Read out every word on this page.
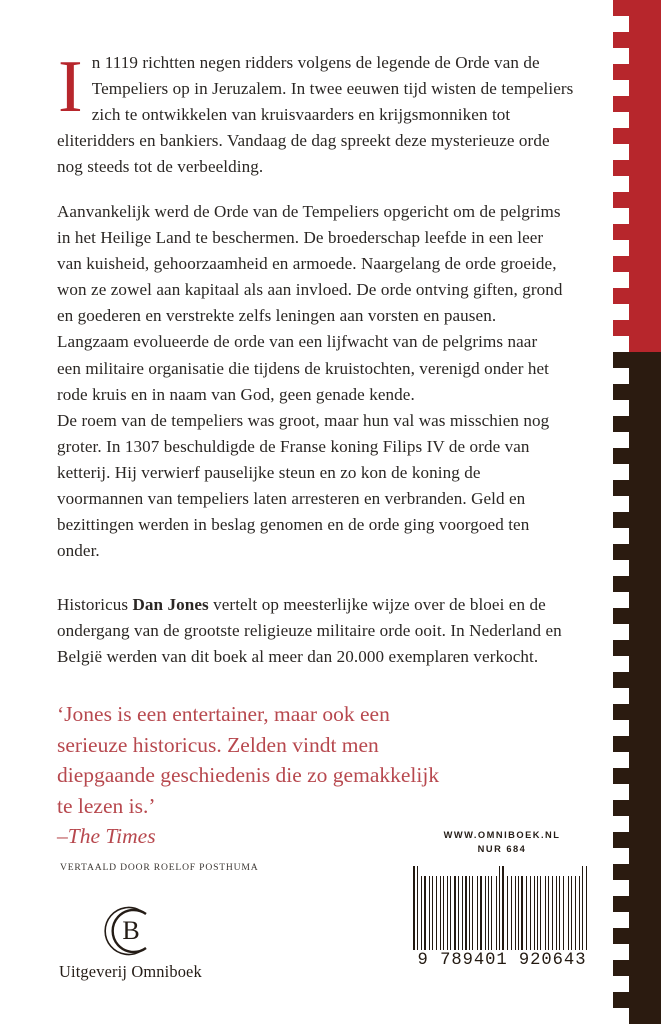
In 1119 richtten negen ridders volgens de legende de Orde van de Tempeliers op in Jeruzalem. In twee eeuwen tijd wisten de tempeliers zich te ontwikkelen van kruisvaarders en krijgsmonniken tot eliteridders en bankiers. Vandaag de dag spreekt deze mysterieuze orde nog steeds tot de verbeelding.

Aanvankelijk werd de Orde van de Tempeliers opgericht om de pelgrims in het Heilige Land te beschermen. De broederschap leefde in een leer van kuisheid, gehoorzaamheid en armoede. Naargelang de orde groeide, won ze zowel aan kapitaal als aan invloed. De orde ontving giften, grond en goederen en verstrekte zelfs leningen aan vorsten en pausen. Langzaam evolueerde de orde van een lijfwacht van de pelgrims naar een militaire organisatie die tijdens de kruistochten, verenigd onder het rode kruis en in naam van God, geen genade kende.

De roem van de tempeliers was groot, maar hun val was misschien nog groter. In 1307 beschuldigde de Franse koning Filips IV de orde van ketterij. Hij verwierf pauselijke steun en zo kon de koning de voormannen van tempeliers laten arresteren en verbranden. Geld en bezittingen werden in beslag genomen en de orde ging voorgoed ten onder.

Historicus Dan Jones vertelt op meesterlijke wijze over de bloei en de ondergang van de grootste religieuze militaire orde ooit. In Nederland en België werden van dit boek al meer dan 20.000 exemplaren verkocht.

‘Jones is een entertainer, maar ook een serieuze historicus. Zelden vindt men diepgaande geschiedenis die zo gemakkelijk te lezen is.’
–The Times
VERTAALD DOOR ROELOF POSTHUMA
B
Uitgeverij Omniboek
WWW.OMNIBOEK.NL
NUR 684
9 789401 920643
